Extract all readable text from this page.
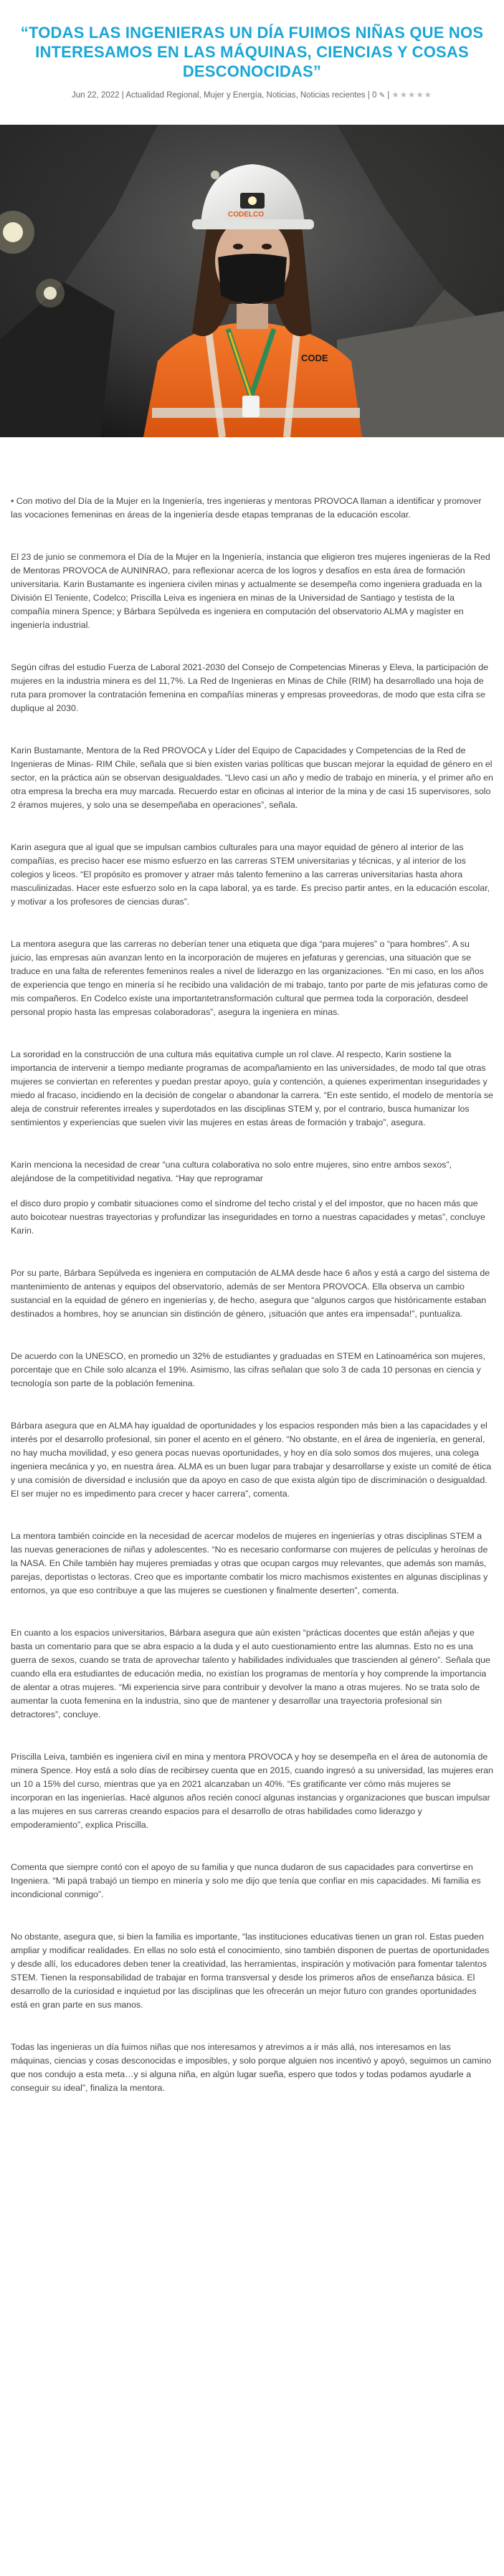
“TODAS LAS INGENIERAS UN DÍA FUIMOS NIÑAS QUE NOS INTERESAMOS EN LAS MÁQUINAS, CIENCIAS Y COSAS DESCONOCIDAS”
Jun 22, 2022 | Actualidad Regional, Mujer y Energía, Noticias, Noticias recientes | 0 ✎ | ★★★★★
CODE
CODELCO

• Con motivo del Día de la Mujer en la Ingeniería, tres ingenieras y mentoras PROVOCA llaman a identificar y promover las vocaciones femeninas en áreas de la ingeniería desde etapas tempranas de la educación escolar.

El 23 de junio se conmemora el Día de la Mujer en la Ingeniería, instancia que eligieron tres mujeres ingenieras de la Red de Mentoras PROVOCA de AUNINRAO, para reflexionar acerca de los logros y desafíos en esta área de formación universitaria. Karin Bustamante es ingeniera civilen minas y actualmente se desempeña como ingeniera graduada en la División El Teniente, Codelco; Priscilla Leiva es ingeniera en minas de la Universidad de Santiago y testista de la compañía minera Spence; y Bárbara Sepúlveda es ingeniera en computación del observatorio ALMA y magíster en ingeniería industrial.

Según cifras del estudio Fuerza de Laboral 2021-2030 del Consejo de Competencias Mineras y Eleva, la participación de mujeres en la industria minera es del 11,7%. La Red de Ingenieras en Minas de Chile (RIM) ha desarrollado una hoja de ruta para promover la contratación femenina en compañías mineras y empresas proveedoras, de modo que esta cifra se duplique al 2030.

Karin Bustamante, Mentora de la Red PROVOCA y Líder del Equipo de Capacidades y Competencias de la Red de Ingenieras de Minas- RIM Chile, señala que si bien existen varias políticas que buscan mejorar la equidad de género en el sector, en la práctica aún se observan desigualdades. “Llevo casi un año y medio de trabajo en minería, y el primer año en otra empresa la brecha era muy marcada. Recuerdo estar en oficinas al interior de la mina y de casi 15 supervisores, solo 2 éramos mujeres, y solo una se desempeñaba en operaciones”, señala.

Karin asegura que al igual que se impulsan cambios culturales para una mayor equidad de género al interior de las compañías, es preciso hacer ese mismo esfuerzo en las carreras STEM universitarias y técnicas, y al interior de los colegios y liceos. “El propósito es promover y atraer más talento femenino a las carreras universitarias hasta ahora masculinizadas. Hacer este esfuerzo solo en la capa laboral, ya es tarde. Es preciso partir antes, en la educación escolar, y motivar a los profesores de ciencias duras”.

La mentora asegura que las carreras no deberían tener una etiqueta que diga “para mujeres” o “para hombres”. A su juicio, las empresas aún avanzan lento en la incorporación de mujeres en jefaturas y gerencias, una situación que se traduce en una falta de referentes femeninos reales a nivel de liderazgo en las organizaciones. “En mi caso, en los años de experiencia que tengo en minería sí he recibido una validación de mi trabajo, tanto por parte de mis jefaturas como de mis compañeros. En Codelco existe una importantetransformación cultural que permea toda la corporación, desdeel personal propio hasta las empresas colaboradoras”, asegura la ingeniera en minas.

La sororidad en la construcción de una cultura más equitativa cumple un rol clave. Al respecto, Karin sostiene la importancia de intervenir a tiempo mediante programas de acompañamiento en las universidades, de modo tal que otras mujeres se conviertan en referentes y puedan prestar apoyo, guía y contención, a quienes experimentan inseguridades y miedo al fracaso, incidiendo en la decisión de congelar o abandonar la carrera. “En este sentido, el modelo de mentoría se aleja de construir referentes irreales y superdotados en las disciplinas STEM y, por el contrario, busca humanizar los sentimientos y experiencias que suelen vivir las mujeres en estas áreas de formación y trabajo”, asegura.

Karin menciona la necesidad de crear “una cultura colaborativa no solo entre mujeres, sino entre ambos sexos”, alejándose de la competitividad negativa. “Hay que reprogramar

el disco duro propio y combatir situaciones como el síndrome del techo cristal y el del impostor, que no hacen más que auto boicotear nuestras trayectorias y profundizar las inseguridades en torno a nuestras capacidades y metas”, concluye Karin.

Por su parte, Bárbara Sepúlveda es ingeniera en computación de ALMA desde hace 6 años y está a cargo del sistema de mantenimiento de antenas y equipos del observatorio, además de ser Mentora PROVOCA. Ella observa un cambio sustancial en la equidad de género en ingenierías y, de hecho, asegura que “algunos cargos que históricamente estaban destinados a hombres, hoy se anuncian sin distinción de género, ¡situación que antes era impensada!”, puntualiza.

De acuerdo con la UNESCO, en promedio un 32% de estudiantes y graduadas en STEM en Latinoamérica son mujeres, porcentaje que en Chile solo alcanza el 19%. Asimismo, las cifras señalan que solo 3 de cada 10 personas en ciencia y tecnología son parte de la población femenina.

Bárbara asegura que en ALMA hay igualdad de oportunidades y los espacios responden más bien a las capacidades y el interés por el desarrollo profesional, sin poner el acento en el género. “No obstante, en el área de ingeniería, en general, no hay mucha movilidad, y eso genera pocas nuevas oportunidades, y hoy en día solo somos dos mujeres, una colega ingeniera mecánica y yo, en nuestra área. ALMA es un buen lugar para trabajar y desarrollarse y existe un comité de ética y una comisión de diversidad e inclusión que da apoyo en caso de que exista algún tipo de discriminación o desigualdad. El ser mujer no es impedimento para crecer y hacer carrera”, comenta.

La mentora también coincide en la necesidad de acercar modelos de mujeres en ingenierías y otras disciplinas STEM a las nuevas generaciones de niñas y adolescentes. “No es necesario conformarse con mujeres de películas y heroínas de la NASA. En Chile también hay mujeres premiadas y otras que ocupan cargos muy relevantes, que además son mamás, parejas, deportistas o lectoras. Creo que es importante combatir los micro machismos existentes en algunas disciplinas y entornos, ya que eso contribuye a que las mujeres se cuestionen y finalmente deserten”, comenta.

En cuanto a los espacios universitarios, Bárbara asegura que aún existen “prácticas docentes que están añejas y que basta un comentario para que se abra espacio a la duda y el auto cuestionamiento entre las alumnas. Esto no es una guerra de sexos, cuando se trata de aprovechar talento y habilidades individuales que trascienden al género”. Señala que cuando ella era estudiantes de educación media, no existían los programas de mentoría y hoy comprende la importancia de alentar a otras mujeres. “Mi experiencia sirve para contribuir y devolver la mano a otras mujeres. No se trata solo de aumentar la cuota femenina en la industria, sino que de mantener y desarrollar una trayectoria profesional sin detractores”, concluye.

Priscilla Leiva, también es ingeniera civil en mina y mentora PROVOCA y hoy se desempeña en el área de autonomía de minera Spence. Hoy está a solo días de recibirsey cuenta que en 2015, cuando ingresó a su universidad, las mujeres eran un 10 a 15% del curso, mientras que ya en 2021 alcanzaban un 40%. “Es gratificante ver cómo más mujeres se incorporan en las ingenierías. Hacé algunos años recién conocí algunas instancias y organizaciones que buscan impulsar a las mujeres en sus carreras creando espacios para el desarrollo de otras habilidades como liderazgo y empoderamiento”, explica Priscilla.

Comenta que siempre contó con el apoyo de su familia y que nunca dudaron de sus capacidades para convertirse en Ingeniera. “Mi papá trabajó un tiempo en minería y solo me dijo que tenía que confiar en mis capacidades. Mi familia es incondicional conmigo”.

No obstante, asegura que, si bien la familia es importante, “las instituciones educativas tienen un gran rol. Estas pueden ampliar y modificar realidades. En ellas no solo está el conocimiento, sino también disponen de puertas de oportunidades y desde allí, los educadores deben tener la creatividad, las herramientas, inspiración y motivación para fomentar talentos STEM. Tienen la responsabilidad de trabajar en forma transversal y desde los primeros años de enseñanza básica. El desarrollo de la curiosidad e inquietud por las disciplinas que les ofrecerán un mejor futuro con grandes oportunidades está en gran parte en sus manos.

Todas las ingenieras un día fuimos niñas que nos interesamos y atrevimos a ir más allá, nos interesamos en las máquinas, ciencias y cosas desconocidas e imposibles, y solo porque alguien nos incentivó y apoyó, seguimos un camino que nos condujo a esta meta…y si alguna niña, en algún lugar sueña, espero que todos y todas podamos ayudarle a conseguir su ideal”, finaliza la mentora.
